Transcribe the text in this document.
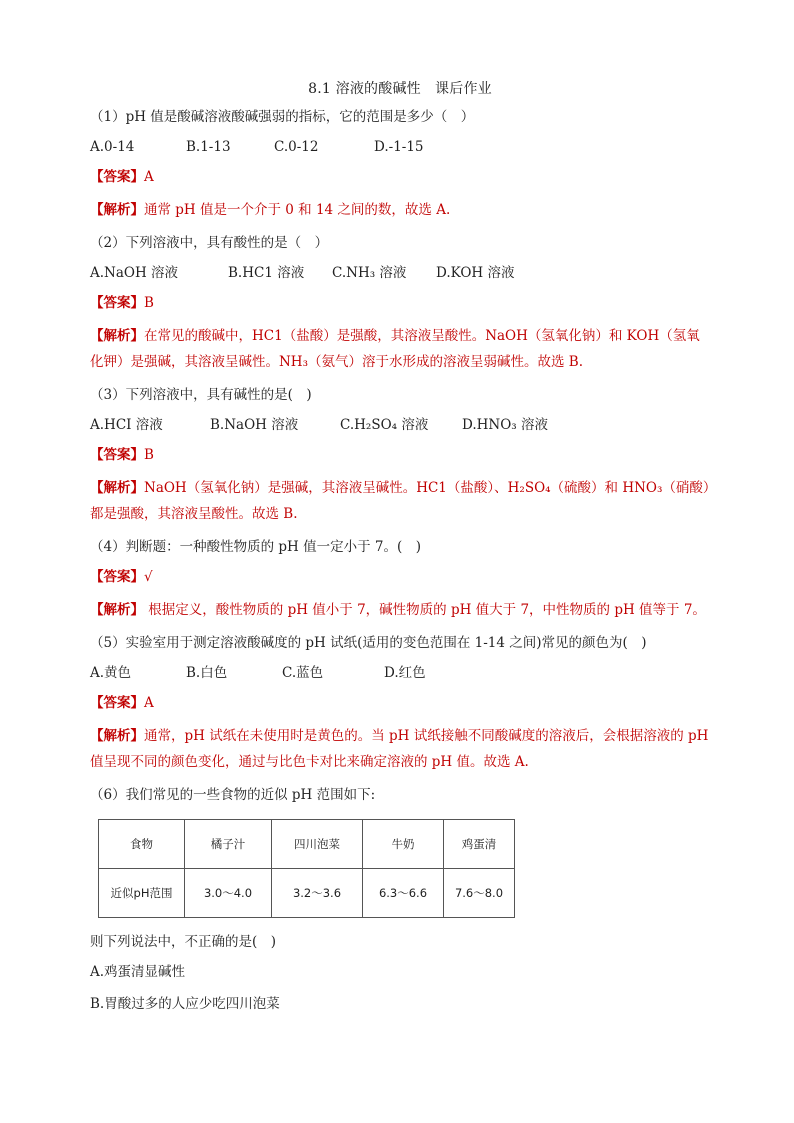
8.1 溶液的酸碱性　课后作业
（1）pH 值是酸碱溶液酸碱强弱的指标，它的范围是多少（　）
A.0-14	B.1-13	C.0-12	D.-1-15
【答案】A
【解析】通常 pH 值是一个介于 0 和 14 之间的数，故选 A.
（2）下列溶液中，具有酸性的是（　）
A.NaOH 溶液	B.HC1 溶液	C.NH₃ 溶液	D.KOH 溶液
【答案】B
【解析】在常见的酸碱中，HC1（盐酸）是强酸，其溶液呈酸性。NaOH（氢氧化钠）和 KOH（氢氧化钾）是强碱，其溶液呈碱性。NH₃（氨气）溶于水形成的溶液呈弱碱性。故选 B.
（3）下列溶液中，具有碱性的是(　)
A.HCI 溶液	B.NaOH 溶液	C.H₂SO₄ 溶液	D.HNO₃ 溶液
【答案】B
【解析】NaOH（氢氧化钠）是强碱，其溶液呈碱性。HC1（盐酸）、H₂SO₄（硫酸）和 HNO₃（硝酸）都是强酸，其溶液呈酸性。故选 B.
（4）判断题：一种酸性物质的 pH 值一定小于 7。(　)
【答案】√
【解析】 根据定义，酸性物质的 pH 值小于 7，碱性物质的 pH 值大于 7，中性物质的 pH 值等于 7。
（5）实验室用于测定溶液酸碱度的 pH 试纸(适用的变色范围在 1-14 之间)常见的颜色为(　)
A.黄色	B.白色	C.蓝色	D.红色
【答案】A
【解析】通常，pH 试纸在未使用时是黄色的。当 pH 试纸接触不同酸碱度的溶液后，会根据溶液的 pH 值呈现不同的颜色变化，通过与比色卡对比来确定溶液的 pH 值。故选 A.
（6）我们常见的一些食物的近似 pH 范围如下:
食物	橘子汁	四川泡菜	牛奶	鸡蛋清
近似pH范围	3.0～4.0	3.2～3.6	6.3～6.6	7.6～8.0
则下列说法中，不正确的是(　)
A.鸡蛋清显碱性
B.胃酸过多的人应少吃四川泡菜
